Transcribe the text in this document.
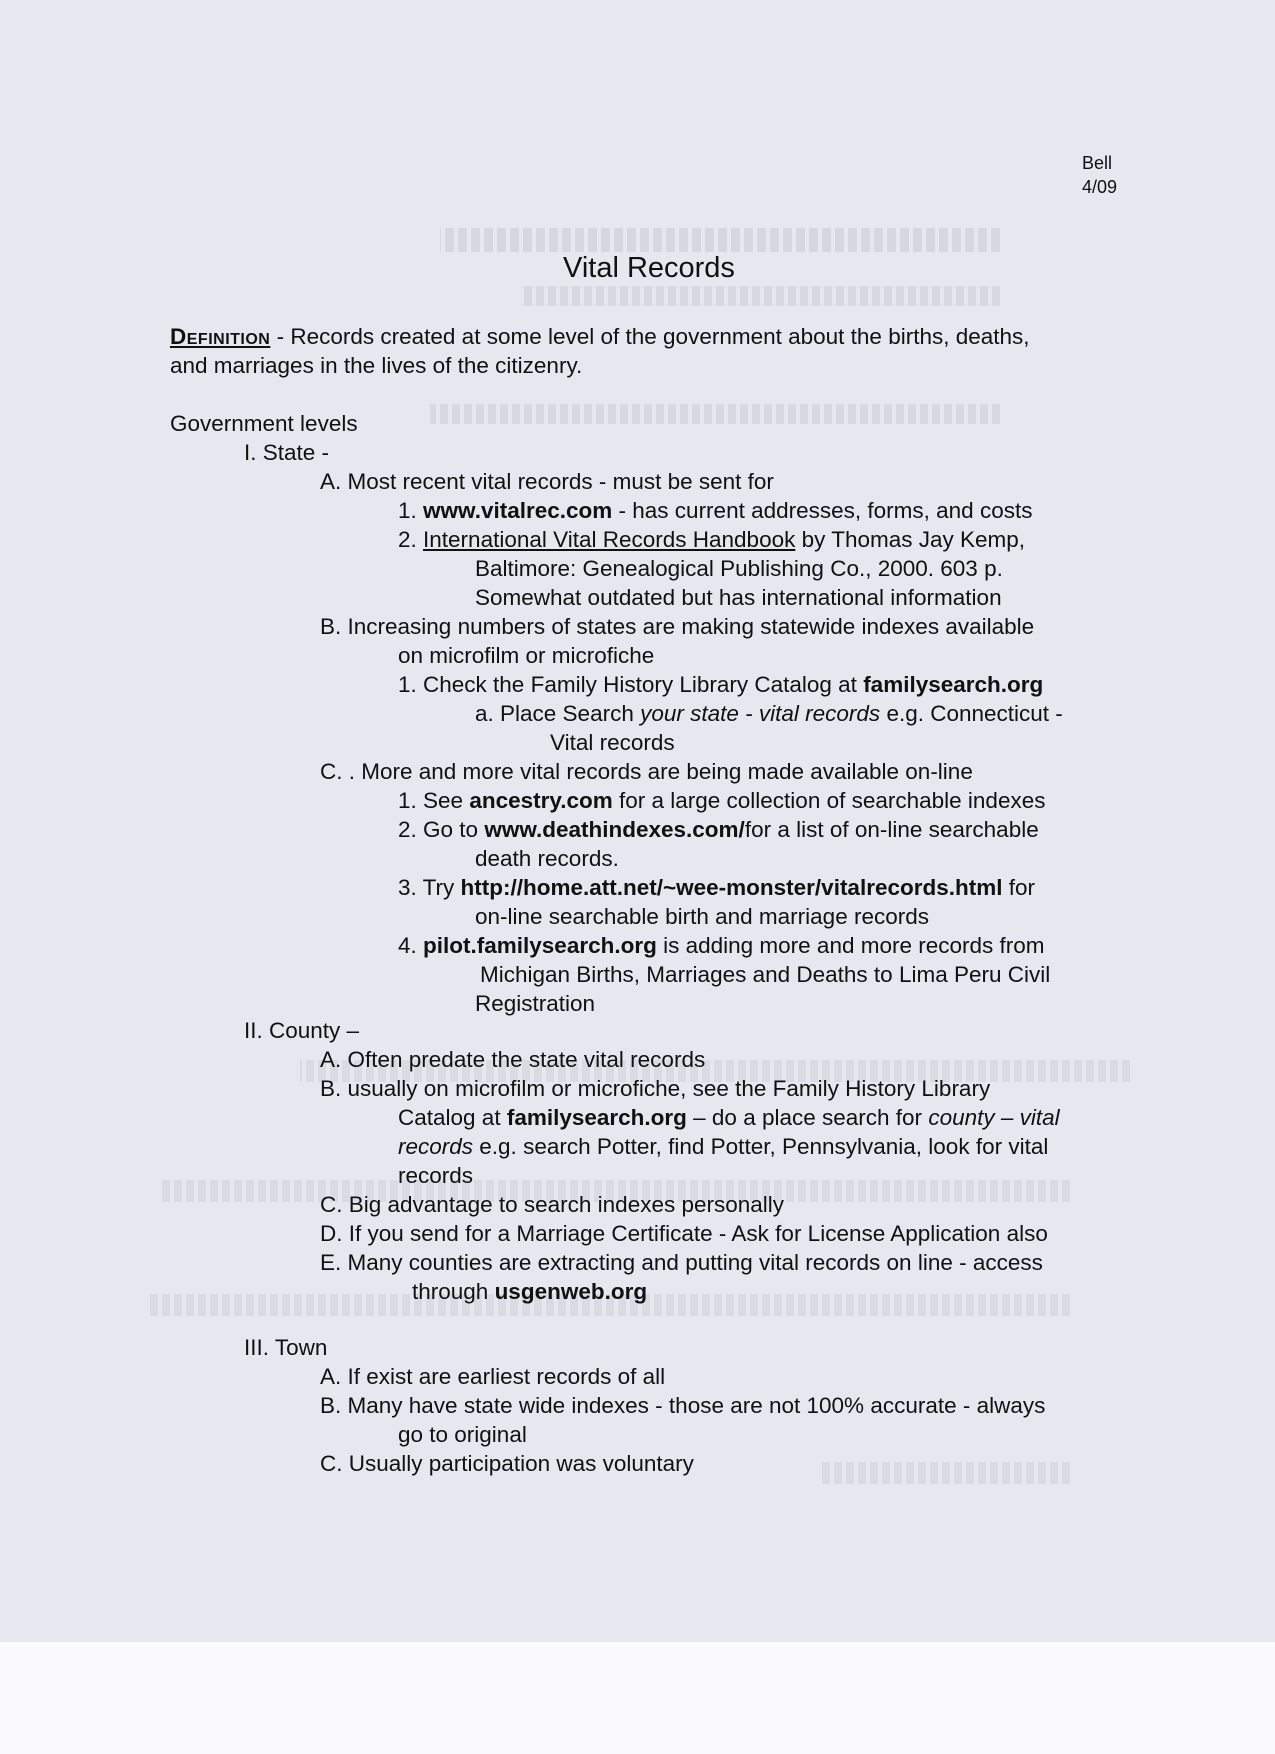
Bell
4/09
Vital Records
Definition - Records created at some level of the government about the births, deaths,
and marriages in the lives of the citizenry.
Government levels
I. State -
A. Most recent vital records - must be sent for
1. www.vitalrec.com - has current addresses, forms, and costs
2. International Vital Records Handbook by Thomas Jay Kemp,
Baltimore: Genealogical Publishing Co., 2000. 603 p.
Somewhat outdated but has international information
B. Increasing numbers of states are making statewide indexes available
on microfilm or microfiche
1. Check the Family History Library Catalog at familysearch.org
a. Place Search your state - vital records e.g. Connecticut -
Vital records
C. . More and more vital records are being made available on-line
1. See ancestry.com for a large collection of searchable indexes
2. Go to www.deathindexes.com/for a list of on-line searchable
death records.
3. Try http://home.att.net/~wee-monster/vitalrecords.html for
on-line searchable birth and marriage records
4. pilot.familysearch.org is adding more and more records from
Michigan Births, Marriages and Deaths to Lima Peru Civil
Registration
II. County –
A. Often predate the state vital records
B. usually on microfilm or microfiche, see the Family History Library
Catalog at familysearch.org – do a place search for county – vital
records e.g. search Potter, find Potter, Pennsylvania, look for vital
records
C. Big advantage to search indexes personally
D. If you send for a Marriage Certificate - Ask for License Application also
E. Many counties are extracting and putting vital records on line - access
through usgenweb.org
III. Town
A. If exist are earliest records of all
B. Many have state wide indexes - those are not 100% accurate - always
go to original
C. Usually participation was voluntary
